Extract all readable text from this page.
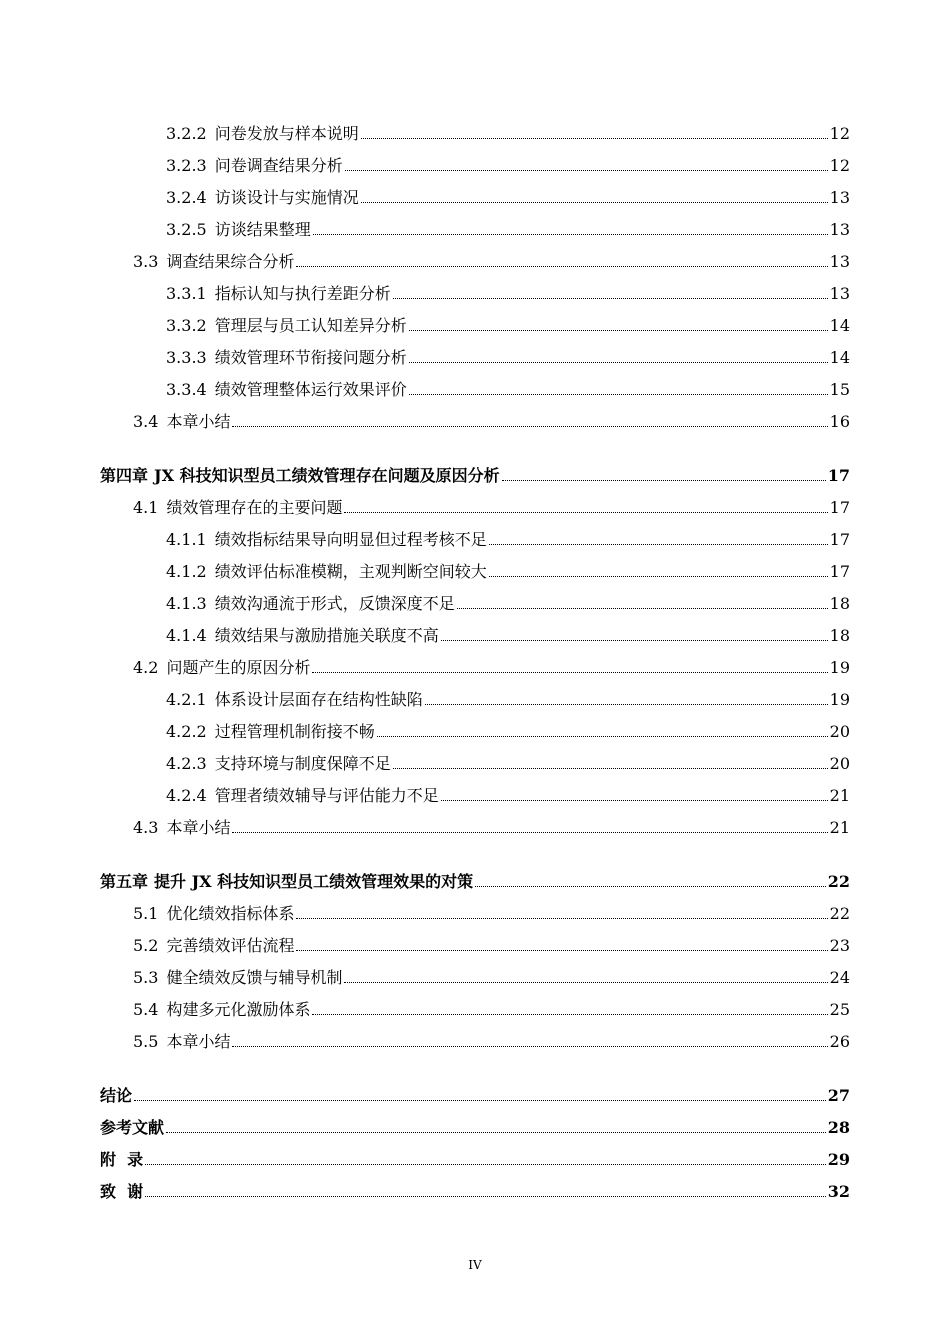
3.2.2 问卷发放与样本说明	12
3.2.3 问卷调查结果分析	12
3.2.4 访谈设计与实施情况	13
3.2.5 访谈结果整理	13
3.3 调查结果综合分析	13
3.3.1 指标认知与执行差距分析	13
3.3.2 管理层与员工认知差异分析	14
3.3.3 绩效管理环节衔接问题分析	14
3.3.4 绩效管理整体运行效果评价	15
3.4 本章小结	16
第四章 JX 科技知识型员工绩效管理存在问题及原因分析	17
4.1 绩效管理存在的主要问题	17
4.1.1 绩效指标结果导向明显但过程考核不足	17
4.1.2 绩效评估标准模糊，主观判断空间较大	17
4.1.3 绩效沟通流于形式，反馈深度不足	18
4.1.4 绩效结果与激励措施关联度不高	18
4.2 问题产生的原因分析	19
4.2.1 体系设计层面存在结构性缺陷	19
4.2.2 过程管理机制衔接不畅	20
4.2.3 支持环境与制度保障不足	20
4.2.4 管理者绩效辅导与评估能力不足	21
4.3 本章小结	21
第五章 提升 JX 科技知识型员工绩效管理效果的对策	22
5.1 优化绩效指标体系	22
5.2 完善绩效评估流程	23
5.3 健全绩效反馈与辅导机制	24
5.4 构建多元化激励体系	25
5.5 本章小结	26
结论	27
参考文献	28
附  录	29
致  谢	32
IV
